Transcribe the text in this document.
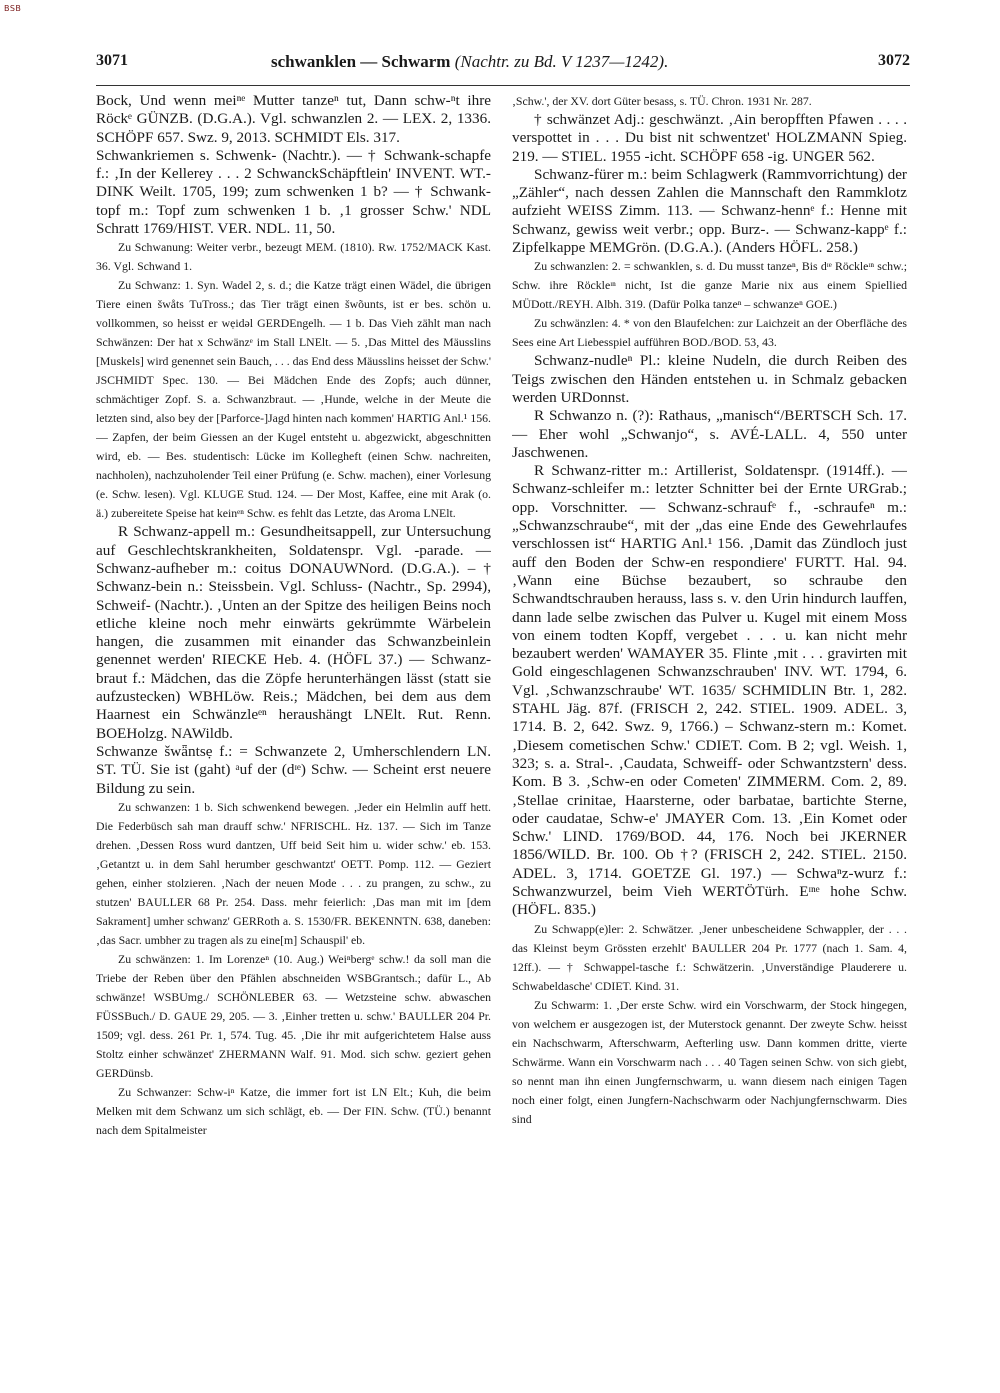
BSB
3071	schwanklen — Schwarm (Nachtr. zu Bd. V 1237—1242).	3072

Bock, Und wenn meiⁿᵉ Mutter tanzeⁿ tut, Dann schw-ⁿt ihre Röckᵉ GÜNZB. (D.G.A.). Vgl. schwanzlen 2. — LEX. 2, 1336. SCHÖPF 657. Swz. 9, 2013. SCHMIDT Els. 317.

Schwankriemen s. Schwenk- (Nachtr.). — † Schwank-schapfe f.: ‚In der Kellerey . . . 2 SchwanckSchäpftlein' INVENT. WT.-DINK Weilt. 1705, 199; zum schwenken 1 b? — † Schwank-topf m.: Topf zum schwenken 1 b. ‚1 grosser Schw.' NDL Schratt 1769/HIST. VER. NDL. 11, 50.

Zu Schwanung: Weiter verbr., bezeugt MEM. (1810). Rw. 1752/MACK Kast. 36. Vgl. Schwand 1.

Zu Schwanz: 1. Syn. Wadel 2, s. d.; die Katze trägt einen Wädel, die übrigen Tiere einen šwåts TuTross.; das Tier trägt einen šwõunts, ist er bes. schön u. vollkommen, so heisst er wẹidəl GERDEngelh. — 1 b. Das Vieh zählt man nach Schwänzen: Der hat x Schwänzᵉ im Stall LNElt. — 5. ‚Das Mittel des Mäusslins [Muskels] wird genennet sein Bauch, . . . das End dess Mäusslins heisset der Schw.' JSCHMIDT Spec. 130. — Bei Mädchen Ende des Zopfs; auch dünner, schmächtiger Zopf. S. a. Schwanzbraut. — ‚Hunde, welche in der Meute die letzten sind, also bey der [Parforce-]Jagd hinten nach kommen' HARTIG Anl.¹ 156. — Zapfen, der beim Giessen an der Kugel entsteht u. abgezwickt, abgeschnitten wird, eb. — Bes. studentisch: Lücke im Kollegheft (einen Schw. nachreiten, nachholen), nachzuholender Teil einer Prüfung (e. Schw. machen), einer Vorlesung (e. Schw. lesen). Vgl. KLUGE Stud. 124. — Der Most, Kaffee, eine mit Arak (o. ä.) zubereitete Speise hat keinᵉⁿ Schw. es fehlt das Letzte, das Aroma LNElt.

R Schwanz-appell m.: Gesundheitsappell, zur Untersuchung auf Geschlechtskrankheiten, Soldatenspr. Vgl. -parade. — Schwanz-aufheber m.: coitus DONAUWNord. (D.G.A.). – † Schwanz-bein n.: Steissbein. Vgl. Schluss- (Nachtr., Sp. 2994), Schweif- (Nachtr.). ‚Unten an der Spitze des heiligen Beins noch etliche kleine noch mehr einwärts gekrümmte Wärbelein hangen, die zusammen mit einander das Schwanzbeinlein genennet werden' RIECKE Heb. 4. (HÖFL 37.) — Schwanz-braut f.: Mädchen, das die Zöpfe herunterhängen lässt (statt sie aufzustecken) WBHLöw. Reis.; Mädchen, bei dem aus dem Haarnest ein Schwänzleᵉⁿ heraushängt LNElt. Rut. Renn. BOEHolzg. NAWildb.

Schwanze šwǟntsẹ f.: = Schwanzete 2, Umherschlendern LN. ST. TÜ. Sie ist (gaht) ᵃuf der (dᶦᵉ) Schw. — Scheint erst neuere Bildung zu sein.

Zu schwanzen: 1 b. Sich schwenkend bewegen. ‚Jeder ein Helmlin auff hett. Die Federbüsch sah man drauff schw.' NFRISCHL. Hz. 137. — Sich im Tanze drehen. ‚Dessen Ross wurd dantzen, Uff beid Seit him u. wider schw.' eb. 153. ‚Getantzt u. in dem Sahl herumber geschwantzt' OETT. Pomp. 112. — Geziert gehen, einher stolzieren. ‚Nach der neuen Mode . . . zu prangen, zu schw., zu stutzen' BAULLER 68 Pr. 254. Dass. mehr feierlich: ‚Das man mit im [dem Sakrament] umher schwanz' GERRoth a. S. 1530/FR. BEKENNTN. 638, daneben: ‚das Sacr. umbher zu tragen als zu eine[m] Schauspil' eb.

Zu schwänzen: 1. Im Lorenzeⁿ (10. Aug.) Weiⁿbergᵉ schw.! da soll man die Triebe der Reben über den Pfählen abschneiden WSBGrantsch.; dafür L., Ab schwänze! WSBUmg./ SCHÖNLEBER 63. — Wetzsteine schw. abwaschen FÜSSBuch./ D. GAUE 29, 205. — 3. ‚Einher tretten u. schw.' BAULLER 204 Pr. 1509; vgl. dess. 261 Pr. 1, 574. Tug. 45. ‚Die ihr mit aufgerichtetem Halse auss Stoltz einher schwänzet' ZHERMANN Walf. 91. Mod. sich schw. geziert gehen GERDünsb.

Zu Schwanzer: Schw-iⁿ Katze, die immer fort ist LN Elt.; Kuh, die beim Melken mit dem Schwanz um sich schlägt, eb. — Der FIN. Schw. (TÜ.) benannt nach dem Spitalmeister

‚Schw.', der XV. dort Güter besass, s. TÜ. Chron. 1931 Nr. 287.

† schwänzet Adj.: geschwänzt. ‚Ain beropfften Pfawen . . . . verspottet in . . . Du bist nit schwentzet' HOLZMANN Spieg. 219. — STIEL. 1955 -icht. SCHÖPF 658 -ig. UNGER 562.

Schwanz-fürer m.: beim Schlagwerk (Rammvorrichtung) der „Zähler“, nach dessen Zahlen die Mannschaft den Rammklotz aufzieht WEISS Zimm. 113. — Schwanz-hennᵉ f.: Henne mit Schwanz, gewiss weit verbr.; opp. Burz-. — Schwanz-kappᵉ f.: Zipfelkappe MEMGrön. (D.G.A.). (Anders HÖFL. 258.)

Zu schwanzlen: 2. = schwanklen, s. d. Du musst tanzeⁿ, Bis dᶦᵉ Röckleᶦⁿ schw.; Schw. ihre Röckleᶦⁿ nicht, Ist die ganze Marie nix aus einem Spiellied MÜDott./REYH. Albh. 319. (Dafür Polka tanzeⁿ – schwanzeⁿ GOE.)

Zu schwänzlen: 4. * von den Blaufelchen: zur Laichzeit an der Oberfläche des Sees eine Art Liebesspiel aufführen BOD./BOD. 53, 43.

Schwanz-nudleⁿ Pl.: kleine Nudeln, die durch Reiben des Teigs zwischen den Händen entstehen u. in Schmalz gebacken werden URDonnst.

R Schwanzo n. (?): Rathaus, „manisch“/BERTSCH Sch. 17. — Eher wohl „Schwanjo“, s. AVÉ-LALL. 4, 550 unter Jaschwenen.

R Schwanz-ritter m.: Artillerist, Soldatenspr. (1914ff.). — Schwanz-schleifer m.: letzter Schnitter bei der Ernte URGrab.; opp. Vorschnitter. — Schwanz-schraufᵉ f., -schraufeⁿ m.: „Schwanzschraube“, mit der „das eine Ende des Gewehrlaufes verschlossen ist“ HARTIG Anl.¹ 156. ‚Damit das Zündloch just auff den Boden der Schw-en respondiere' FURTT. Hal. 94. ‚Wann eine Büchse bezaubert, so schraube den Schwandtschrauben herauss, lass s. v. den Urin hindurch lauffen, dann lade selbe zwischen das Pulver u. Kugel mit einem Moss von einem todten Kopff, vergebet . . . u. kan nicht mehr bezaubert werden' WAMAYER 35. Flinte ‚mit . . . gravirten mit Gold eingeschlagenen Schwanzschrauben' INV. WT. 1794, 6. Vgl. ‚Schwanzschraube' WT. 1635/ SCHMIDLIN Btr. 1, 282. STAHL Jäg. 87f. (FRISCH 2, 242. STIEL. 1909. ADEL. 3, 1714. B. 2, 642. Swz. 9, 1766.) – Schwanz-stern m.: Komet. ‚Diesem cometischen Schw.' CDIET. Com. B 2; vgl. Weish. 1, 323; s. a. Stral-. ‚Caudata, Schweiff- oder Schwantzstern' dess. Kom. B 3. ‚Schw-en oder Cometen' ZIMMERM. Com. 2, 89. ‚Stellae crinitae, Haarsterne, oder barbatae, bartichte Sterne, oder caudatae, Schw-e' JMAYER Com. 13. ‚Ein Komet oder Schw.' LIND. 1769/BOD. 44, 176. Noch bei JKERNER 1856/WILD. Br. 100. Ob †? (FRISCH 2, 242. STIEL. 2150. ADEL. 3, 1714. GOETZE Gl. 197.) — Schwaⁿz-wurz f.: Schwanzwurzel, beim Vieh WERTÖTürh. Eᶦⁿᵉ hohe Schw. (HÖFL. 835.)

Zu Schwapp(e)ler: 2. Schwätzer. ‚Jener unbescheidene Schwappler, der . . . das Kleinst beym Grössten erzehlt' BAULLER 204 Pr. 1777 (nach 1. Sam. 4, 12ff.). — † Schwappel-tasche f.: Schwätzerin. ‚Unverständige Plauderere u. Schwabeldasche' CDIET. Kind. 31.

Zu Schwarm: 1. ‚Der erste Schw. wird ein Vorschwarm, der Stock hingegen, von welchem er ausgezogen ist, der Muterstock genannt. Der zweyte Schw. heisst ein Nachschwarm, Afterschwarm, Aefterling usw. Dann kommen dritte, vierte Schwärme. Wann ein Vorschwarm nach . . . 40 Tagen seinen Schw. von sich giebt, so nennt man ihn einen Jungfernschwarm, u. wann diesem nach einigen Tagen noch einer folgt, einen Jungfern-Nachschwarm oder Nachjungfernschwarm. Dies sind
